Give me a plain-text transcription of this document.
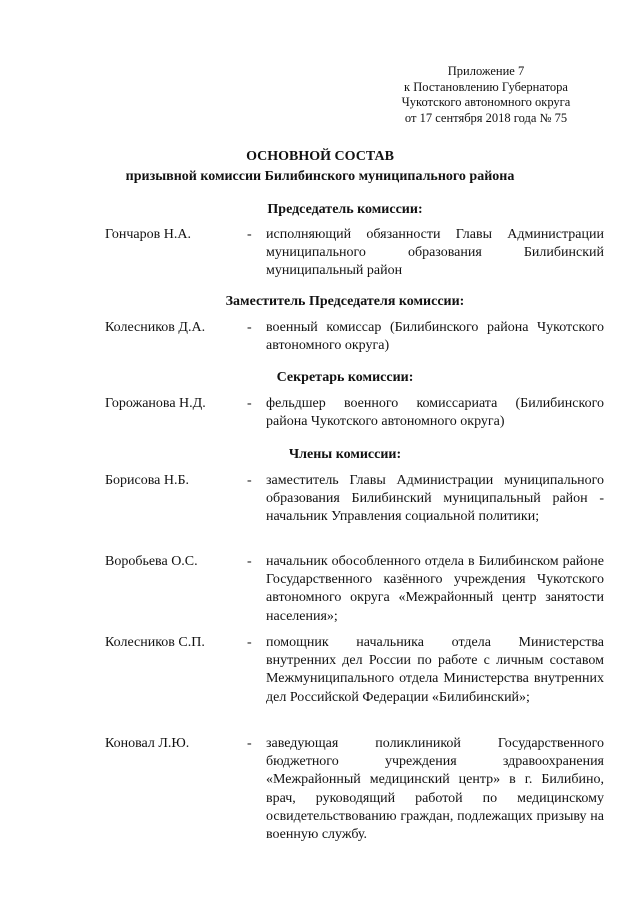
Приложение 7
к Постановлению Губернатора
Чукотского автономного округа
от 17 сентября 2018 года № 75
ОСНОВНОЙ СОСТАВ
призывной комиссии Билибинского муниципального района
Председатель комиссии:
Гончаров Н.А.	- исполняющий обязанности Главы Администрации муниципального образования Билибинский муниципальный район
Заместитель Председателя комиссии:
Колесников Д.А.	- военный комиссар (Билибинского района Чукотского автономного округа)
Секретарь комиссии:
Горожанова Н.Д.	- фельдшер военного комиссариата (Билибинского района Чукотского автономного округа)
Члены комиссии:
Борисова Н.Б.	- заместитель Главы Администрации муниципального образования Билибинский муниципальный район - начальник Управления социальной политики;
Воробьева О.С.	- начальник обособленного отдела в Билибинском районе Государственного казённого учреждения Чукотского автономного округа «Межрайонный центр занятости населения»;
Колесников С.П.	- помощник начальника отдела Министерства внутренних дел России по работе с личным составом Межмуниципального отдела Министерства внутренних дел Российской Федерации «Билибинский»;
Коновал Л.Ю.	- заведующая поликлиникой Государственного бюджетного учреждения здравоохранения «Межрайонный медицинский центр» в г. Билибино, врач, руководящий работой по медицинскому освидетельствованию граждан, подлежащих призыву на военную службу.
